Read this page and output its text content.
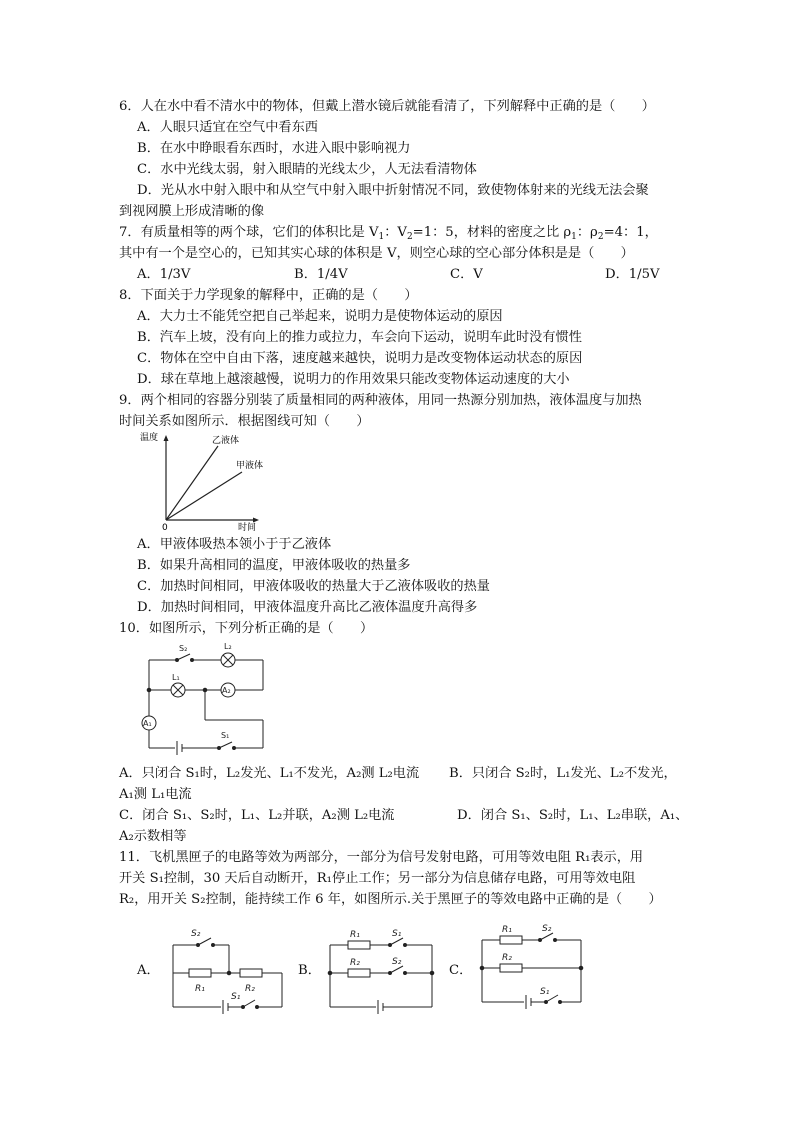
6．人在水中看不清水中的物体，但戴上潜水镜后就能看清了，下列解释中正确的是（　　）
A．人眼只适宜在空气中看东西
B．在水中睁眼看东西时，水进入眼中影响视力
C．水中光线太弱，射入眼睛的光线太少，人无法看清物体
D．光从水中射入眼中和从空气中射入眼中折射情况不同，致使物体射来的光线无法会聚
到视网膜上形成清晰的像
7．有质量相等的两个球，它们的体积比是 $V_1$：$V_2=1$：5，材料的密度之比 $\rho_1$：$\rho_2=4$：1，
其中有一个是空心的，已知其实心球的体积是 V，则空心球的空心部分体积是是（　　）
A．1/3V	B．1/4V	C．V	D．1/5V
8．下面关于力学现象的解释中，正确的是（　　）
A．大力士不能凭空把自己举起来，说明力是使物体运动的原因
B．汽车上坡，没有向上的推力或拉力，车会向下运动，说明车此时没有惯性
C．物体在空中自由下落，速度越来越快，说明力是改变物体运动状态的原因
D．球在草地上越滚越慢，说明力的作用效果只能改变物体运动速度的大小
9．两个相同的容器分别装了质量相同的两种液体，用同一热源分别加热，液体温度与加热
时间关系如图所示．根据图线可知（　　）
温度	乙液体
甲液体
0	时间
A．甲液体吸热本领小于于乙液体
B．如果升高相同的温度，甲液体吸收的热量多
C．加热时间相同，甲液体吸收的热量大于乙液体吸收的热量
D．加热时间相同，甲液体温度升高比乙液体温度升高得多
10．如图所示，下列分析正确的是（　　）
S₂	L₂
L₁
A₂
A₁
S₁
A．只闭合 S₁时，L₂发光、L₁不发光，A₂测 L₂电流 B．只闭合 S₂时，L₁发光、L₂不发光，
A₁测 L₁电流
C．闭合 S₁、S₂时，L₁、L₂并联，A₂测 L₂电流	D．闭合 S₁、S₂时，L₁、L₂串联，A₁、
A₂示数相等
11．飞机黑匣子的电路等效为两部分，一部分为信号发射电路，可用等效电阻 R₁表示，用
开关 S₁控制，30 天后自动断开，R₁停止工作；另一部分为信息储存电路，可用等效电阻
R₂，用开关 S₂控制，能持续工作 6 年，如图所示.关于黑匣子的等效电路中正确的是（　　）
A．
S₂
R₁	R₂
S₁
B．
R₁	S₁
R₂	S₂
C．
R₁	S₂
R₂
S₁
